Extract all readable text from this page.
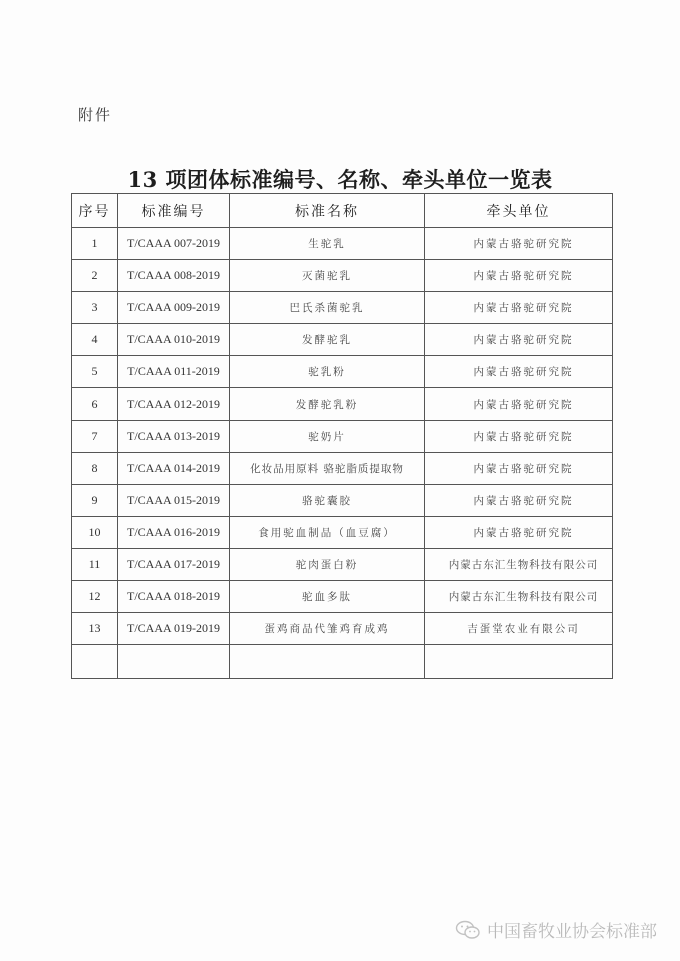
附件
13 项团体标准编号、名称、牵头单位一览表
序号	标准编号	标准名称	牵头单位
1	T/CAAA 007-2019	生驼乳	内蒙古骆驼研究院
2	T/CAAA 008-2019	灭菌驼乳	内蒙古骆驼研究院
3	T/CAAA 009-2019	巴氏杀菌驼乳	内蒙古骆驼研究院
4	T/CAAA 010-2019	发酵驼乳	内蒙古骆驼研究院
5	T/CAAA 011-2019	驼乳粉	内蒙古骆驼研究院
6	T/CAAA 012-2019	发酵驼乳粉	内蒙古骆驼研究院
7	T/CAAA 013-2019	驼奶片	内蒙古骆驼研究院
8	T/CAAA 014-2019	化妆品用原料 骆驼脂质提取物	内蒙古骆驼研究院
9	T/CAAA 015-2019	骆驼囊胶	内蒙古骆驼研究院
10	T/CAAA 016-2019	食用驼血制品（血豆腐）	内蒙古骆驼研究院
11	T/CAAA 017-2019	驼肉蛋白粉	内蒙古东汇生物科技有限公司
12	T/CAAA 018-2019	驼血多肽	内蒙古东汇生物科技有限公司
13	T/CAAA 019-2019	蛋鸡商品代雏鸡育成鸡	吉蛋堂农业有限公司

中国畜牧业协会标准部
